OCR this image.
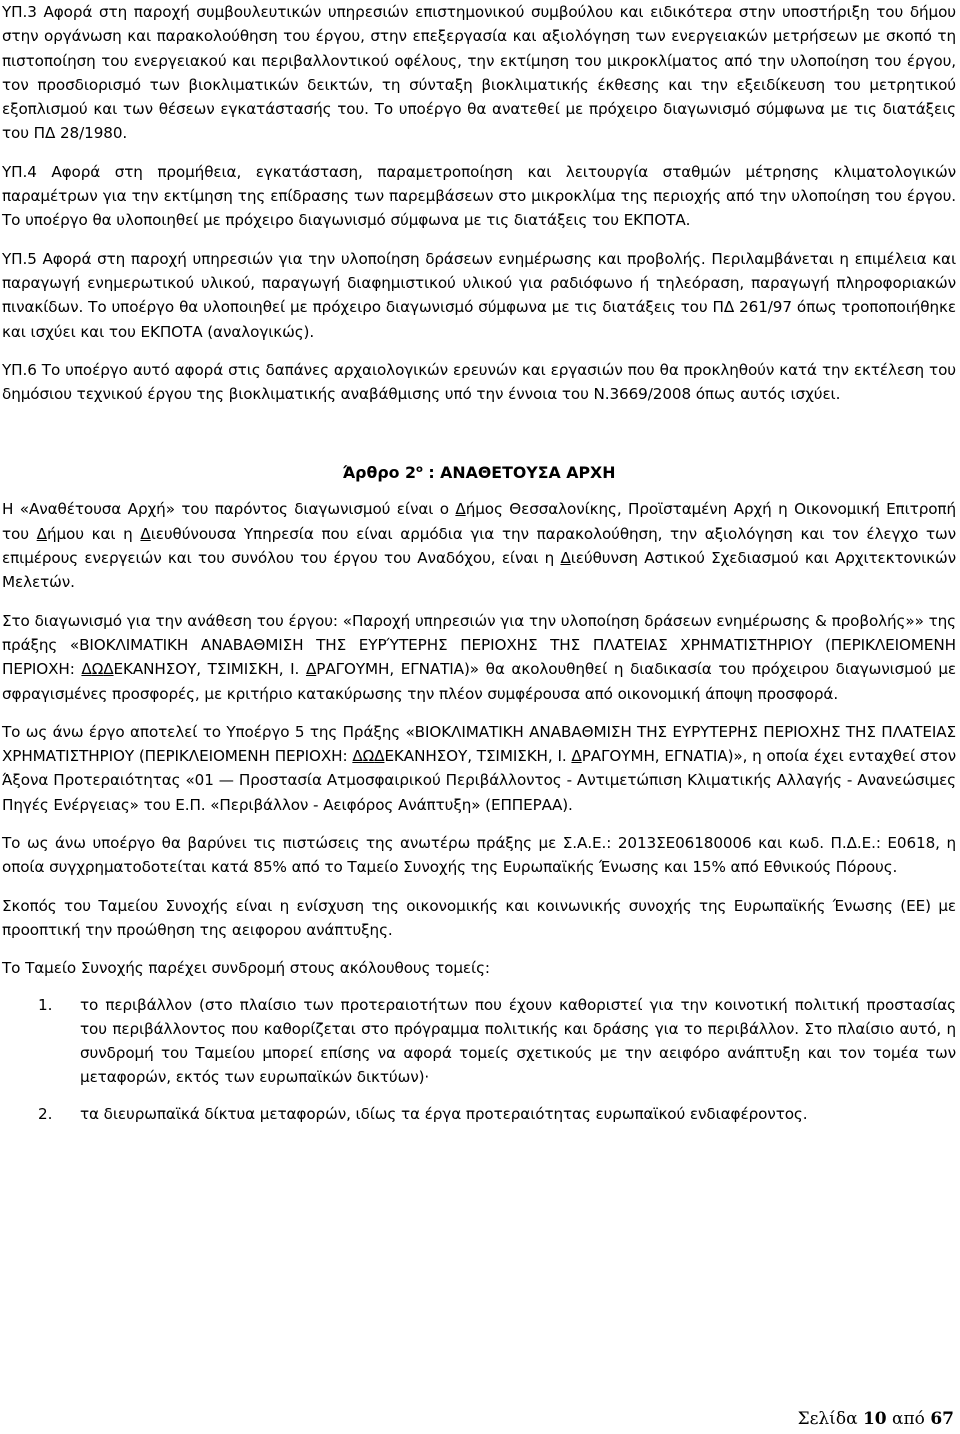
ΥΠ.3 Αφορά στη παροχή συμβουλευτικών υπηρεσιών επιστημονικού συμβούλου και ειδικότερα στην υποστήριξη του δήμου στην οργάνωση και παρακολούθηση του έργου, στην επεξεργασία και αξιολόγηση των ενεργειακών μετρήσεων με σκοπό τη πιστοποίηση του ενεργειακού και περιβαλλοντικού οφέλους, την εκτίμηση του μικροκλίματος από την υλοποίηση του έργου, τον προσδιορισμό των βιοκλιματικών δεικτών, τη σύνταξη βιοκλιματικής έκθεσης και την εξειδίκευση του μετρητικού εξοπλισμού και των θέσεων εγκατάστασής του. Το υποέργο θα ανατεθεί με πρόχειρο διαγωνισμό σύμφωνα με τις διατάξεις του ΠΔ 28/1980.

ΥΠ.4 Αφορά στη προμήθεια, εγκατάσταση, παραμετροποίηση και λειτουργία σταθμών μέτρησης κλιματολογικών παραμέτρων για την εκτίμηση της επίδρασης των παρεμβάσεων στο μικροκλίμα της περιοχής από την υλοποίηση του έργου. Το υποέργο θα υλοποιηθεί με πρόχειρο διαγωνισμό σύμφωνα με τις διατάξεις του ΕΚΠΟΤΑ.

ΥΠ.5 Αφορά στη παροχή υπηρεσιών για την υλοποίηση δράσεων ενημέρωσης και προβολής. Περιλαμβάνεται η επιμέλεια και παραγωγή ενημερωτικού υλικού, παραγωγή διαφημιστικού υλικού για ραδιόφωνο ή τηλεόραση, παραγωγή πληροφοριακών πινακίδων. Το υποέργο θα υλοποιηθεί με πρόχειρο διαγωνισμό σύμφωνα με τις διατάξεις του ΠΔ 261/97 όπως τροποποιήθηκε και ισχύει και του ΕΚΠΟΤΑ (αναλογικώς).

ΥΠ.6 Το υποέργο αυτό αφορά στις δαπάνες αρχαιολογικών ερευνών και εργασιών που θα προκληθούν κατά την εκτέλεση του δημόσιου τεχνικού έργου της βιοκλιματικής αναβάθμισης υπό την έννοια του Ν.3669/2008 όπως αυτός ισχύει.

Άρθρο $2^o$ : ΑΝΑΘΕΤΟΥΣΑ ΑΡΧΗ

Η «Αναθέτουσα Αρχή» του παρόντος διαγωνισμού είναι ο Δήμος Θεσσαλονίκης, Προϊσταμένη Αρχή η Οικονομική Επιτροπή του Δήμου και η Διευθύνουσα Υπηρεσία που είναι αρμόδια για την παρακολούθηση, την αξιολόγηση και τον έλεγχο των επιμέρους ενεργειών και του συνόλου του έργου του Αναδόχου, είναι η Διεύθυνση Αστικού Σχεδιασμού και Αρχιτεκτονικών Μελετών.

Στο διαγωνισμό για την ανάθεση του έργου: «Παροχή υπηρεσιών για την υλοποίηση δράσεων ενημέρωσης & προβολής»» της πράξης «ΒΙΟΚΛΙΜΑΤΙΚΗ ΑΝΑΒΑΘΜΙΣΗ ΤΗΣ ΕΥΡΎΤΕΡΗΣ ΠΕΡΙΟΧΗΣ ΤΗΣ ΠΛΑΤΕΙΑΣ ΧΡΗΜΑΤΙΣΤΗΡΙΟΥ (ΠΕΡΙΚΛΕΙΟΜΕΝΗ ΠΕΡΙΟΧΗ: ΔΩΔΕΚΑΝΗΣΟΥ, ΤΣΙΜΙΣΚΗ, Ι. ΔΡΑΓΟΥΜΗ, ΕΓΝΑΤΙΑ)» θα ακολουθηθεί η διαδικασία του πρόχειρου διαγωνισμού με σφραγισμένες προσφορές, με κριτήριο κατακύρωσης την πλέον συμφέρουσα από οικονομική άποψη προσφορά.

Το ως άνω έργο αποτελεί το Υποέργο 5 της Πράξης «ΒΙΟΚΛΙΜΑΤΙΚΗ ΑΝΑΒΑΘΜΙΣΗ ΤΗΣ ΕΥΡΥΤΕΡΗΣ ΠΕΡΙΟΧΗΣ ΤΗΣ ΠΛΑΤΕΙΑΣ ΧΡΗΜΑΤΙΣΤΗΡΙΟΥ (ΠΕΡΙΚΛΕΙΟΜΕΝΗ ΠΕΡΙΟΧΗ: ΔΩΔΕΚΑΝΗΣΟΥ, ΤΣΙΜΙΣΚΗ, Ι. ΔΡΑΓΟΥΜΗ, ΕΓΝΑΤΙΑ)», η οποία έχει ενταχθεί στον Άξονα Προτεραιότητας «01 — Προστασία Ατμοσφαιρικού Περιβάλλοντος - Αντιμετώπιση Κλιματικής Αλλαγής - Ανανεώσιμες Πηγές Ενέργειας» του Ε.Π. «Περιβάλλον - Αειφόρος Ανάπτυξη» (ΕΠΠΕΡΑΑ).

Το ως άνω υποέργο θα βαρύνει τις πιστώσεις της ανωτέρω πράξης με Σ.Α.Ε.: 2013ΣΕ06180006 και κωδ. Π.Δ.Ε.: Ε0618, η οποία συγχρηματοδοτείται κατά 85% από το Ταμείο Συνοχής της Ευρωπαϊκής Ένωσης και 15% από Εθνικούς Πόρους.

Σκοπός του Ταμείου Συνοχής είναι η ενίσχυση της οικονομικής και κοινωνικής συνοχής της Ευρωπαϊκής Ένωσης (ΕΕ) με προοπτική την προώθηση της αειφορου ανάπτυξης.

Το Ταμείο Συνοχής παρέχει συνδρομή στους ακόλουθους τομείς:

1.	το περιβάλλον (στο πλαίσιο των προτεραιοτήτων που έχουν καθοριστεί για την κοινοτική πολιτική προστασίας του περιβάλλοντος που καθορίζεται στο πρόγραμμα πολιτικής και δράσης για το περιβάλλον. Στο πλαίσιο αυτό, η συνδρομή του Ταμείου μπορεί επίσης να αφορά τομείς σχετικούς με την αειφόρο ανάπτυξη και τον τομέα των μεταφορών, εκτός των ευρωπαϊκών δικτύων)·
2.	τα διευρωπαϊκά δίκτυα μεταφορών, ιδίως τα έργα προτεραιότητας ευρωπαϊκού ενδιαφέροντος.
Σελίδα 10 από 67
